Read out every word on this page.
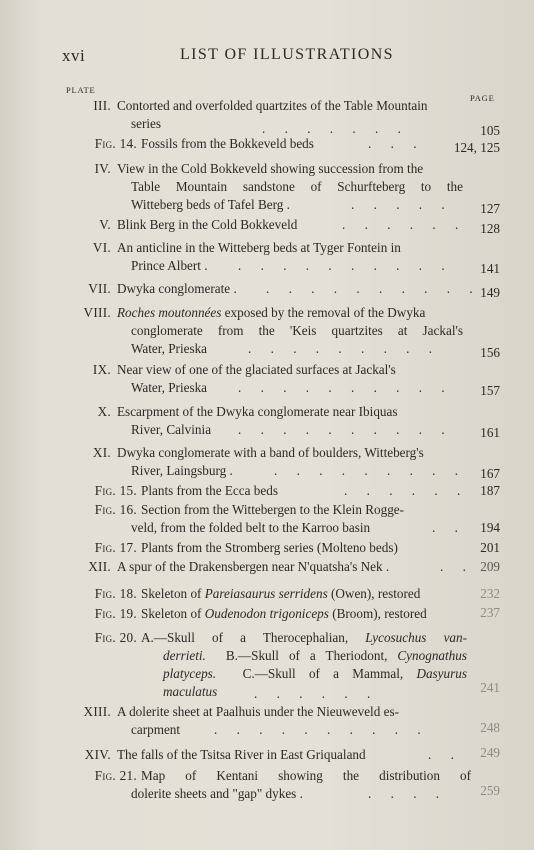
xvi	LIST OF ILLUSTRATIONS
PLATE
PAGE
III. Contorted and overfolded quartzites of the Table Mountain
series	. . . . . . .	105
Fig. 14. Fossils from the Bokkeveld beds	. . .	124, 125
IV. View in the Cold Bokkeveld showing succession from the
Table Mountain sandstone of Schurfteberg to the
Witteberg beds of Tafel Berg .	. . . . .	127
V. Blink Berg in the Cold Bokkeveld	. . . . . .	128
VI. An anticline in the Witteberg beds at Tyger Fontein in
Prince Albert . . . . . . . . . . .	141
VII. Dwyka conglomerate . . . . . . . . . . . 149
VIII. Roches moutonnées exposed by the removal of the Dwyka
conglomerate from the 'Keis quartzites at Jackal's
Water, Prieska	. . . . . . . . .	156
IX. Near view of one of the glaciated surfaces at Jackal's
Water, Prieska . . . . . . . . . .	157
X. Escarpment of the Dwyka conglomerate near Ibiquas
River, Calvinia . . . . . . . . . .	161
XI. Dwyka conglomerate with a band of boulders, Witteberg's
River, Laingsburg .	. . . . . . . . .	167
Fig. 15. Plants from the Ecca beds	. . . . . . 187
Fig. 16. Section from the Wittebergen to the Klein Rogge-
veld, from the folded belt to the Karroo basin	. .	194
Fig. 17. Plants from the Stromberg series (Molteno beds)	201
XII. A spur of the Drakensbergen near N'quatsha's Nek .	. . 209
Fig. 18. Skeleton of Pareiasaurus serridens (Owen), restored	232
Fig. 19. Skeleton of Oudenodon trigoniceps (Broom), restored	237
Fig. 20. A.—Skull of a Therocephalian, Lycosuchus van-
derrieti.  B.—Skull of a Theriodont, Cynognathus
platyceps.  C.—Skull of a Mammal, Dasyurus
maculatus	. . . . . .	241
XIII. A dolerite sheet at Paalhuis under the Nieuweveld es-
carpment	. . . . . . . . . .	248
XIV. The falls of the Tsitsa River in East Griqualand	. .	249
Fig. 21. Map of Kentani showing the distribution of
dolerite sheets and "gap" dykes .	. . . .	259
